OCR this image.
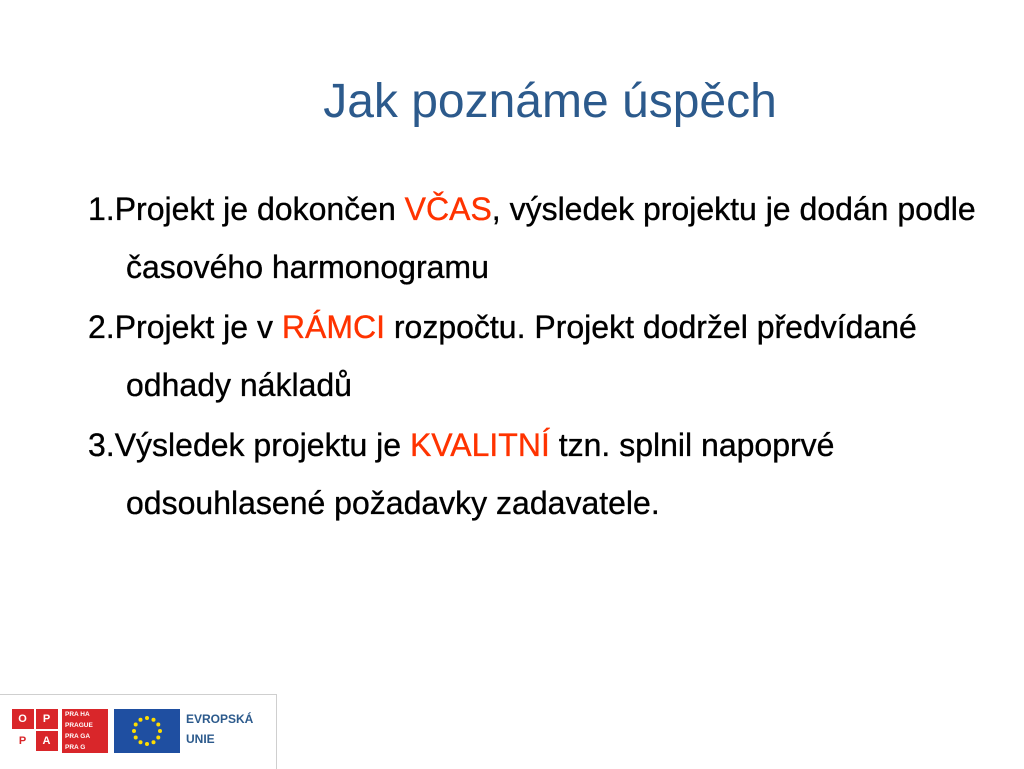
Jak poznáme úspěch
1.Projekt je dokončen VČAS, výsledek projektu je dodán podle časového harmonogramu
2.Projekt je v RÁMCI rozpočtu. Projekt dodržel předvídané odhady nákladů
3.Výsledek projektu je KVALITNÍ tzn. splnil napoprvé odsouhlasené požadavky zadavatele.
O	P
P	A
PRA HA
PRAGUE
PRA GA
PRA G
EVROPSKÁ
UNIE
